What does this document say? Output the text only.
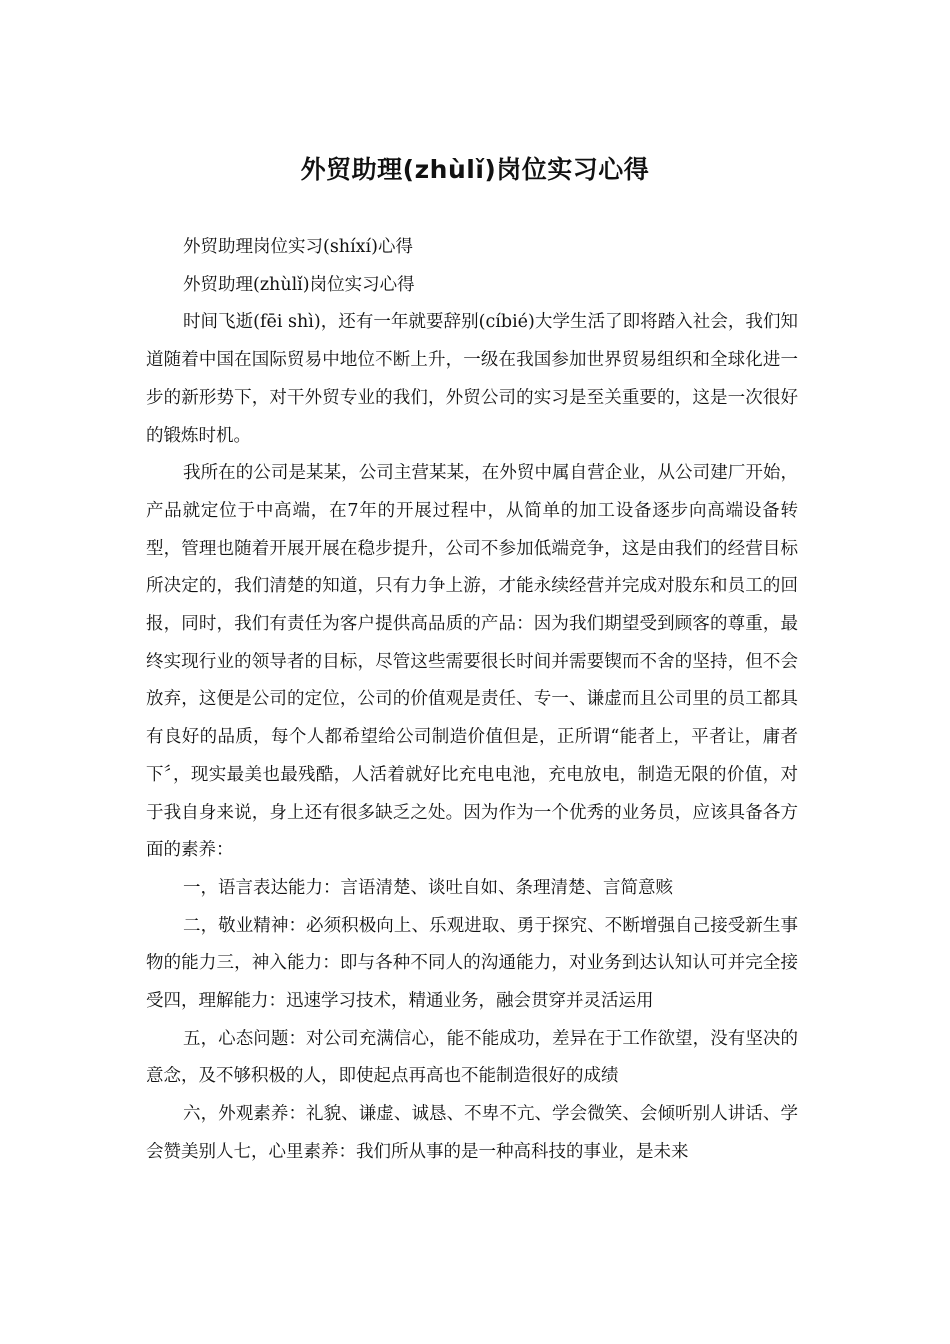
外贸助理(zhùlǐ)岗位实习心得

外贸助理岗位实习(shíxí)心得

外贸助理(zhùlǐ)岗位实习心得

时间飞逝(fēi shì)，还有一年就要辞别(cíbié)大学生活了即将踏入社会，我们知道随着中国在国际贸易中地位不断上升，一级在我国参加世界贸易组织和全球化进一步的新形势下，对干外贸专业的我们，外贸公司的实习是至关重要的，这是一次很好的锻炼时机。

我所在的公司是某某，公司主营某某，在外贸中属自营企业，从公司建厂开始，产品就定位于中高端，在7年的开展过程中，从简单的加工设备逐步向高端设备转型，管理也随着开展开展在稳步提升，公司不参加低端竞争，这是由我们的经营目标所决定的，我们清楚的知道，只有力争上游，才能永续经营并完成对股东和员工的回报，同时，我们有责任为客户提供高品质的产品：因为我们期望受到顾客的尊重，最终实现行业的领导者的目标，尽管这些需要很长时间并需要锲而不舍的坚持，但不会放弃，这便是公司的定位，公司的价值观是责任、专一、谦虚而且公司里的员工都具有良好的品质，每个人都希望给公司制造价值但是，正所谓“能者上，平者让，庸者下〞，现实最美也最残酷，人活着就好比充电电池，充电放电，制造无限的价值，对于我自身来说，身上还有很多缺乏之处。因为作为一个优秀的业务员，应该具备各方面的素养：

一，语言表达能力：言语清楚、谈吐自如、条理清楚、言简意赅

二，敬业精神：必须积极向上、乐观进取、勇于探究、不断增强自己接受新生事物的能力三，神入能力：即与各种不同人的沟通能力，对业务到达认知认可并完全接受四，理解能力：迅速学习技术，精通业务，融会贯穿并灵活运用

五，心态问题：对公司充满信心，能不能成功，差异在于工作欲望，没有坚决的意念，及不够积极的人，即使起点再高也不能制造很好的成绩

六，外观素养：礼貌、谦虚、诚恳、不卑不亢、学会微笑、会倾听别人讲话、学会赞美别人七，心里素养：我们所从事的是一种高科技的事业，是未来
